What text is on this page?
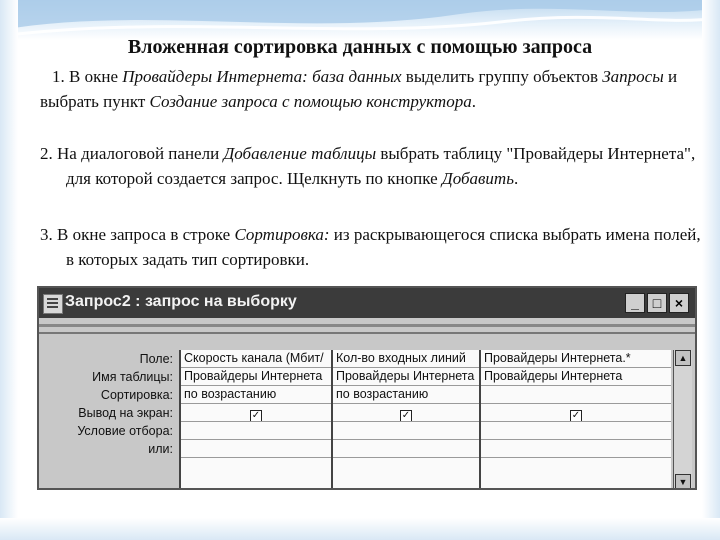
Вложенная сортировка данных с помощью запроса
1. В окне Провайдеры Интернета: база данных выделить группу объектов Запросы и выбрать пункт Создание запроса с помощью конструктора.
2. На диалоговой панели Добавление таблицы выбрать таблицу "Провайдеры Интернета", для которой создается запрос. Щелкнуть по кнопке Добавить.
3. В окне запроса в строке Сортировка: из раскрывающегося списка выбрать имена полей, в которых задать тип сортировки.
Запрос2 : запрос на выборку	_ □ ×
Поле:
Имя таблицы:
Сортировка:
Вывод на экран:
Условие отбора:
или:
Скорость канала (Мбит/
Провайдеры Интернета
по возрастанию
✓
Кол-во входных линий
Провайдеры Интернета
по возрастанию
✓
Провайдеры Интернета.*
Провайдеры Интернета
✓
▲
▼
